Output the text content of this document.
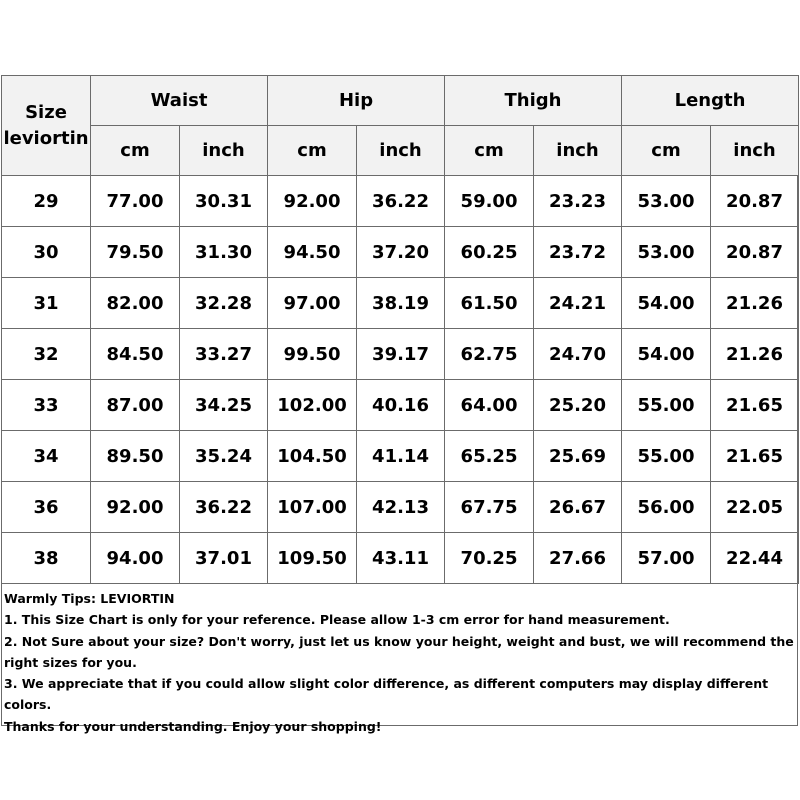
Size
leviortin	Waist		Hip		Thigh		Length	
	cm	inch	cm	inch	cm	inch	cm	inch
29	77.00	30.31	92.00	36.22	59.00	23.23	53.00	20.87
30	79.50	31.30	94.50	37.20	60.25	23.72	53.00	20.87
31	82.00	32.28	97.00	38.19	61.50	24.21	54.00	21.26
32	84.50	33.27	99.50	39.17	62.75	24.70	54.00	21.26
33	87.00	34.25	102.00	40.16	64.00	25.20	55.00	21.65
34	89.50	35.24	104.50	41.14	65.25	25.69	55.00	21.65
36	92.00	36.22	107.00	42.13	67.75	26.67	56.00	22.05
38	94.00	37.01	109.50	43.11	70.25	27.66	57.00	22.44
Warmly Tips: LEVIORTIN
1. This Size Chart is only for your reference. Please allow 1-3 cm error for hand measurement.
2. Not Sure about your size? Don't worry, just let us know your height, weight and bust, we will recommend the right sizes for you.
3. We appreciate that if you could allow slight color difference, as different computers may display different colors.
Thanks for your understanding. Enjoy your shopping!
